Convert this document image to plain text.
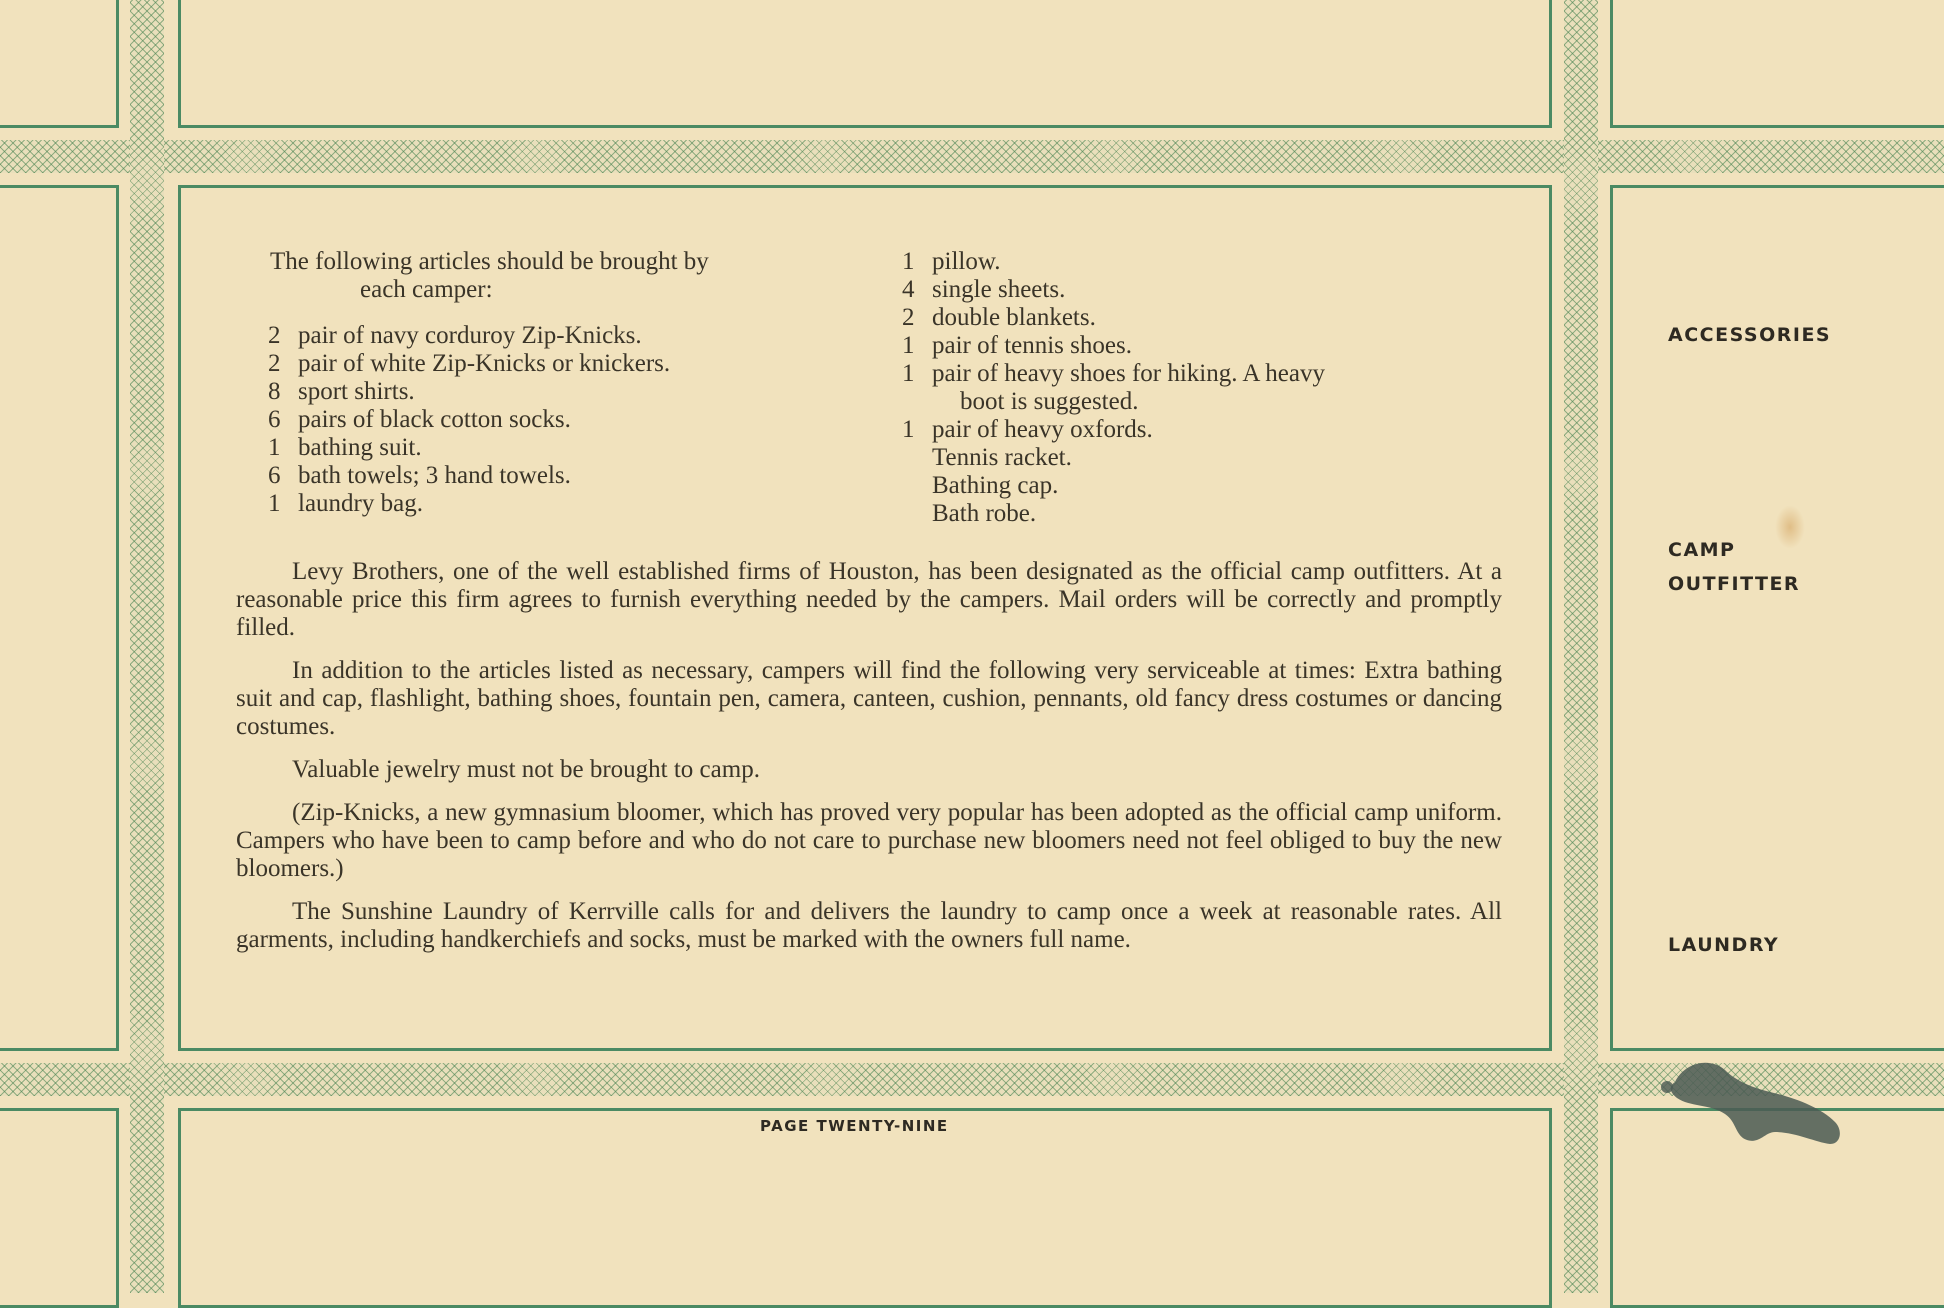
The following articles should be brought by
each camper:

2 pair of navy corduroy Zip-Knicks.
2 pair of white Zip-Knicks or knickers.
8 sport shirts.
6 pairs of black cotton socks.
1 bathing suit.
6 bath towels; 3 hand towels.
1 laundry bag.
1 pillow.
4 single sheets.
2 double blankets.
1 pair of tennis shoes.
1 pair of heavy shoes for hiking. A heavy
boot is suggested.
1 pair of heavy oxfords.
Tennis racket.
Bathing cap.
Bath robe.

Levy Brothers, one of the well established firms of Houston, has been designated as the official camp outfitters. At a reasonable price this firm agrees to furnish everything needed by the campers. Mail orders will be correctly and promptly filled.

In addition to the articles listed as necessary, campers will find the following very serviceable at times: Extra bathing suit and cap, flashlight, bathing shoes, fountain pen, camera, canteen, cushion, pennants, old fancy dress costumes or dancing costumes.

Valuable jewelry must not be brought to camp.

(Zip-Knicks, a new gymnasium bloomer, which has proved very popular has been adopted as the official camp uniform. Campers who have been to camp before and who do not care to purchase new bloomers need not feel obliged to buy the new bloomers.)

The Sunshine Laundry of Kerrville calls for and delivers the laundry to camp once a week at reasonable rates. All garments, including handkerchiefs and socks, must be marked with the owners full name.

ACCESSORIES
CAMP
OUTFITTER
LAUNDRY
PAGE TWENTY-NINE
